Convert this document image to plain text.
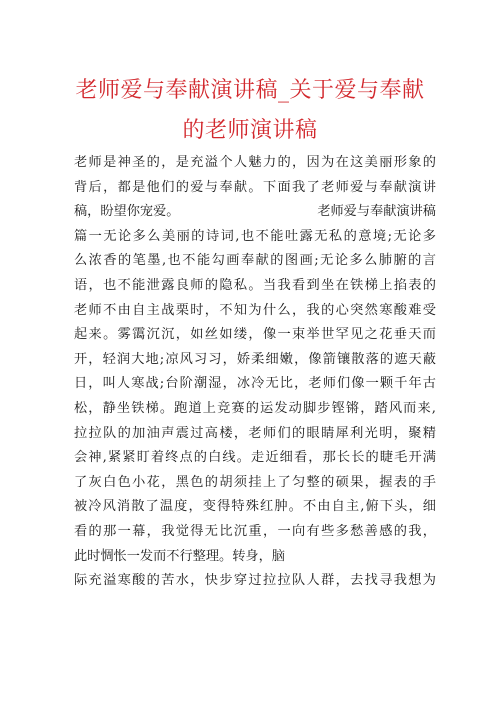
老师爱与奉献演讲稿_关于爱与奉献
的老师演讲稿
老师是神圣的，是充溢个人魅力的，因为在这美丽形象的
背后，都是他们的爱与奉献。下面我了老师爱与奉献演讲
稿，盼望你宠爱。	老师爱与奉献演讲稿
篇一无论多么美丽的诗词,也不能吐露无私的意境;无论多
么浓香的笔墨,也不能勾画奉献的图画;无论多么肺腑的言
语，也不能泄露良师的隐私。当我看到坐在铁梯上掐表的
老师不由自主战栗时，不知为什么，我的心突然寒酸难受
起来。雾霭沉沉，如丝如缕，像一束举世罕见之花垂天而
开，轻润大地;凉风习习，娇柔细嫩，像箭镶散落的遮天蔽
日，叫人寒战;台阶潮湿，冰冷无比，老师们像一颗千年古
松，静坐铁梯。跑道上竞赛的运发动脚步铿锵，踏风而来,
拉拉队的加油声震过高楼，老师们的眼睛犀利光明，聚精
会神,紧紧盯着终点的白线。走近细看，那长长的睫毛开满
了灰白色小花，黑色的胡须挂上了匀整的硕果，握表的手
被冷风消散了温度，变得特殊红肿。不由自主,俯下头，细
看的那一幕，我觉得无比沉重，一向有些多愁善感的我，
此时惆怅一发而不行整理。转身，脑
际充溢寒酸的苦水，快步穿过拉拉队人群，去找寻我想为
